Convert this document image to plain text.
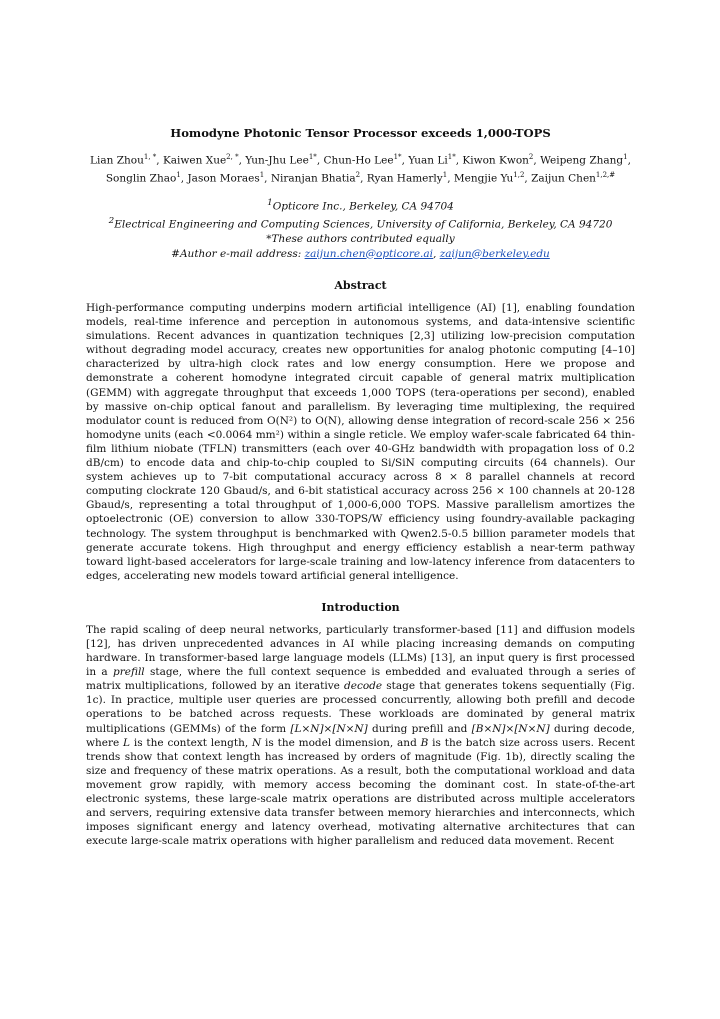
Homodyne Photonic Tensor Processor exceeds 1,000-TOPS

Lian Zhou$^{1, *}$, Kaiwen Xue$^{2, *}$, Yun-Jhu Lee$^{1*}$, Chun-Ho Lee$^{1*}$, Yuan $Li^{1*}$, Kiwon Kwon$^2$, Weipeng Zhang$^1$,
Songlin Zhao$^1$, Jason Moraes$^1$, Niranjan Bhatia$^2$, Ryan Hamerly$^1$, Mengjie Yu$^{1,2}$, Zaijun Chen$^{1,2,\#}$

$^1$Opticore Inc., Berkeley, CA 94704

$^2$Electrical Engineering and Computing Sciences, University of California, Berkeley, CA 94720

*These authors contributed equally

#Author e-mail address: zaijun.chen@opticore.ai, zaijun@berkeley.edu

Abstract

High-performance computing underpins modern artificial intelligence (AI) [1], enabling foundation models, real-time inference and perception in autonomous systems, and data-intensive scientific simulations. Recent advances in quantization techniques [2,3] utilizing low-precision computation without degrading model accuracy, creates new opportunities for analog photonic computing [4–10] characterized by ultra-high clock rates and low energy consumption. Here we propose and demonstrate a coherent homodyne integrated circuit capable of general matrix multiplication (GEMM) with aggregate throughput that exceeds 1,000 TOPS (tera-operations per second), enabled by massive on-chip optical fanout and parallelism. By leveraging time multiplexing, the required modulator count is reduced from O(N²) to O(N), allowing dense integration of record-scale 256 × 256 homodyne units (each <0.0064 mm²) within a single reticle. We employ wafer-scale fabricated 64 thin-film lithium niobate (TFLN) transmitters (each over 40-GHz bandwidth with propagation loss of 0.2 dB/cm) to encode data and chip-to-chip coupled to Si/SiN computing circuits (64 channels). Our system achieves up to 7-bit computational accuracy across 8 × 8 parallel channels at record computing clockrate 120 Gbaud/s, and 6-bit statistical accuracy across 256 × 100 channels at 20-128 Gbaud/s, representing a total throughput of 1,000-6,000 TOPS. Massive parallelism amortizes the optoelectronic (OE) conversion to allow 330-TOPS/W efficiency using foundry-available packaging technology. The system throughput is benchmarked with Qwen2.5-0.5 billion parameter models that generate accurate tokens. High throughput and energy efficiency establish a near-term pathway toward light-based accelerators for large-scale training and low-latency inference from datacenters to edges, accelerating new models toward artificial general intelligence.

Introduction

The rapid scaling of deep neural networks, particularly transformer-based [11] and diffusion models [12], has driven unprecedented advances in AI while placing increasing demands on computing hardware. In transformer-based large language models (LLMs) [13], an input query is first processed in a prefill stage, where the full context sequence is embedded and evaluated through a series of matrix multiplications, followed by an iterative decode stage that generates tokens sequentially (Fig. 1c). In practice, multiple user queries are processed concurrently, allowing both prefill and decode operations to be batched across requests. These workloads are dominated by general matrix multiplications (GEMMs) of the form [L×N]×[N×N] during prefill and [B×N]×[N×N] during decode, where L is the context length, N is the model dimension, and B is the batch size across users. Recent trends show that context length has increased by orders of magnitude (Fig. 1b), directly scaling the size and frequency of these matrix operations. As a result, both the computational workload and data movement grow rapidly, with memory access becoming the dominant cost. In state-of-the-art electronic systems, these large-scale matrix operations are distributed across multiple accelerators and servers, requiring extensive data transfer between memory hierarchies and interconnects, which imposes significant energy and latency overhead, motivating alternative architectures that can execute large-scale matrix operations with higher parallelism and reduced data movement. Recent
